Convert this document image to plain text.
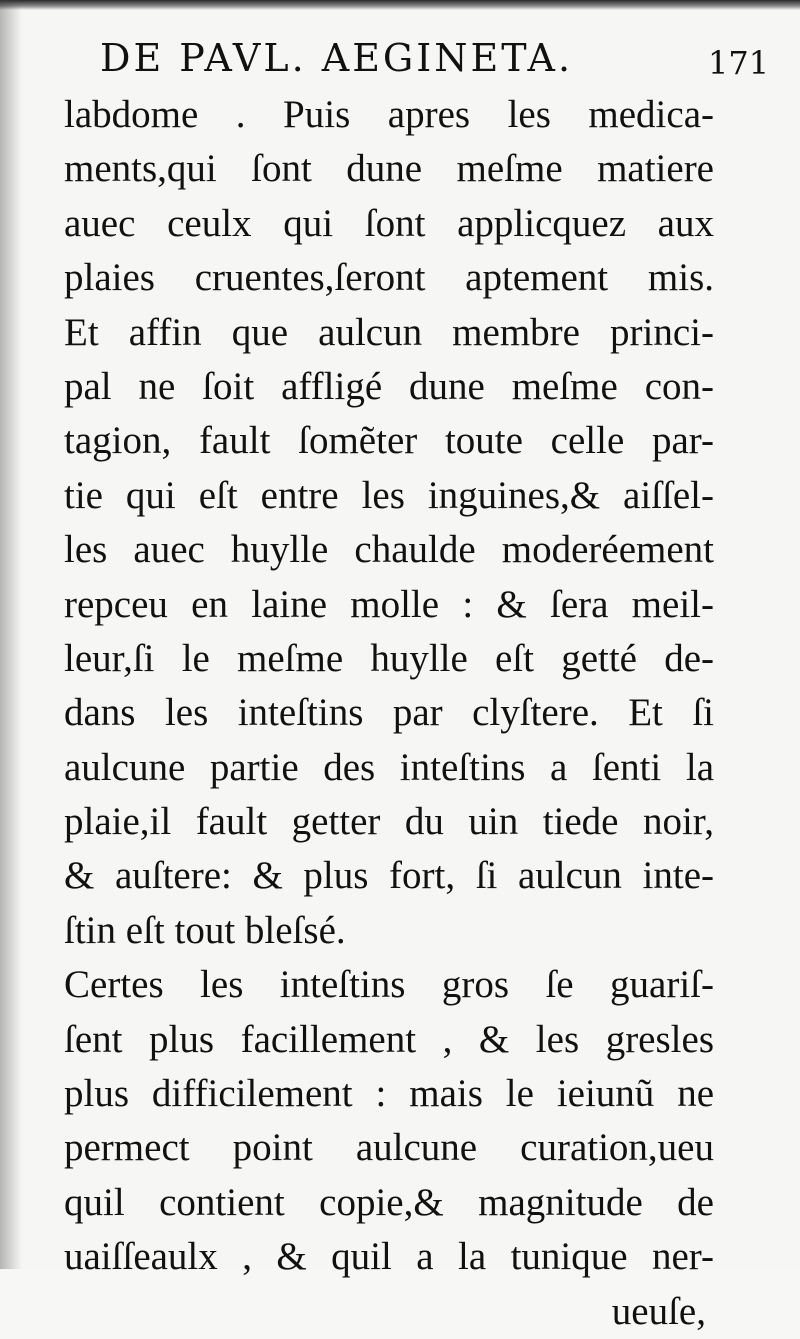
DE PAVL. AEGINETA.	171
labdome . Puis apres les medica-
ments,qui ſont dune meſme matiere
auec ceulx qui ſont applicquez aux
plaies cruentes,ſeront aptement mis.
Et affin que aulcun membre princi-
pal ne ſoit affligé dune meſme con-
tagion, fault ſomẽter toute celle par-
tie qui eſt entre les inguines,& aiſſel-
les auec huylle chaulde moderéement
repceu en laine molle : & ſera meil-
leur,ſi le meſme huylle eſt getté de-
dans les inteſtins par clyſtere. Et ſi
aulcune partie des inteſtins a ſenti la
plaie,il fault getter du uin tiede noir,
& auſtere: & plus fort, ſi aulcun inte-
ſtin eſt tout bleſsé.
Certes les inteſtins gros ſe guariſ-
ſent plus facillement , & les gresles
plus difficilement : mais le ieiunũ ne
permect point aulcune curation,ueu
quil contient copie,& magnitude de
uaiſſeaulx , & quil a la tunique ner-
ueuſe,
